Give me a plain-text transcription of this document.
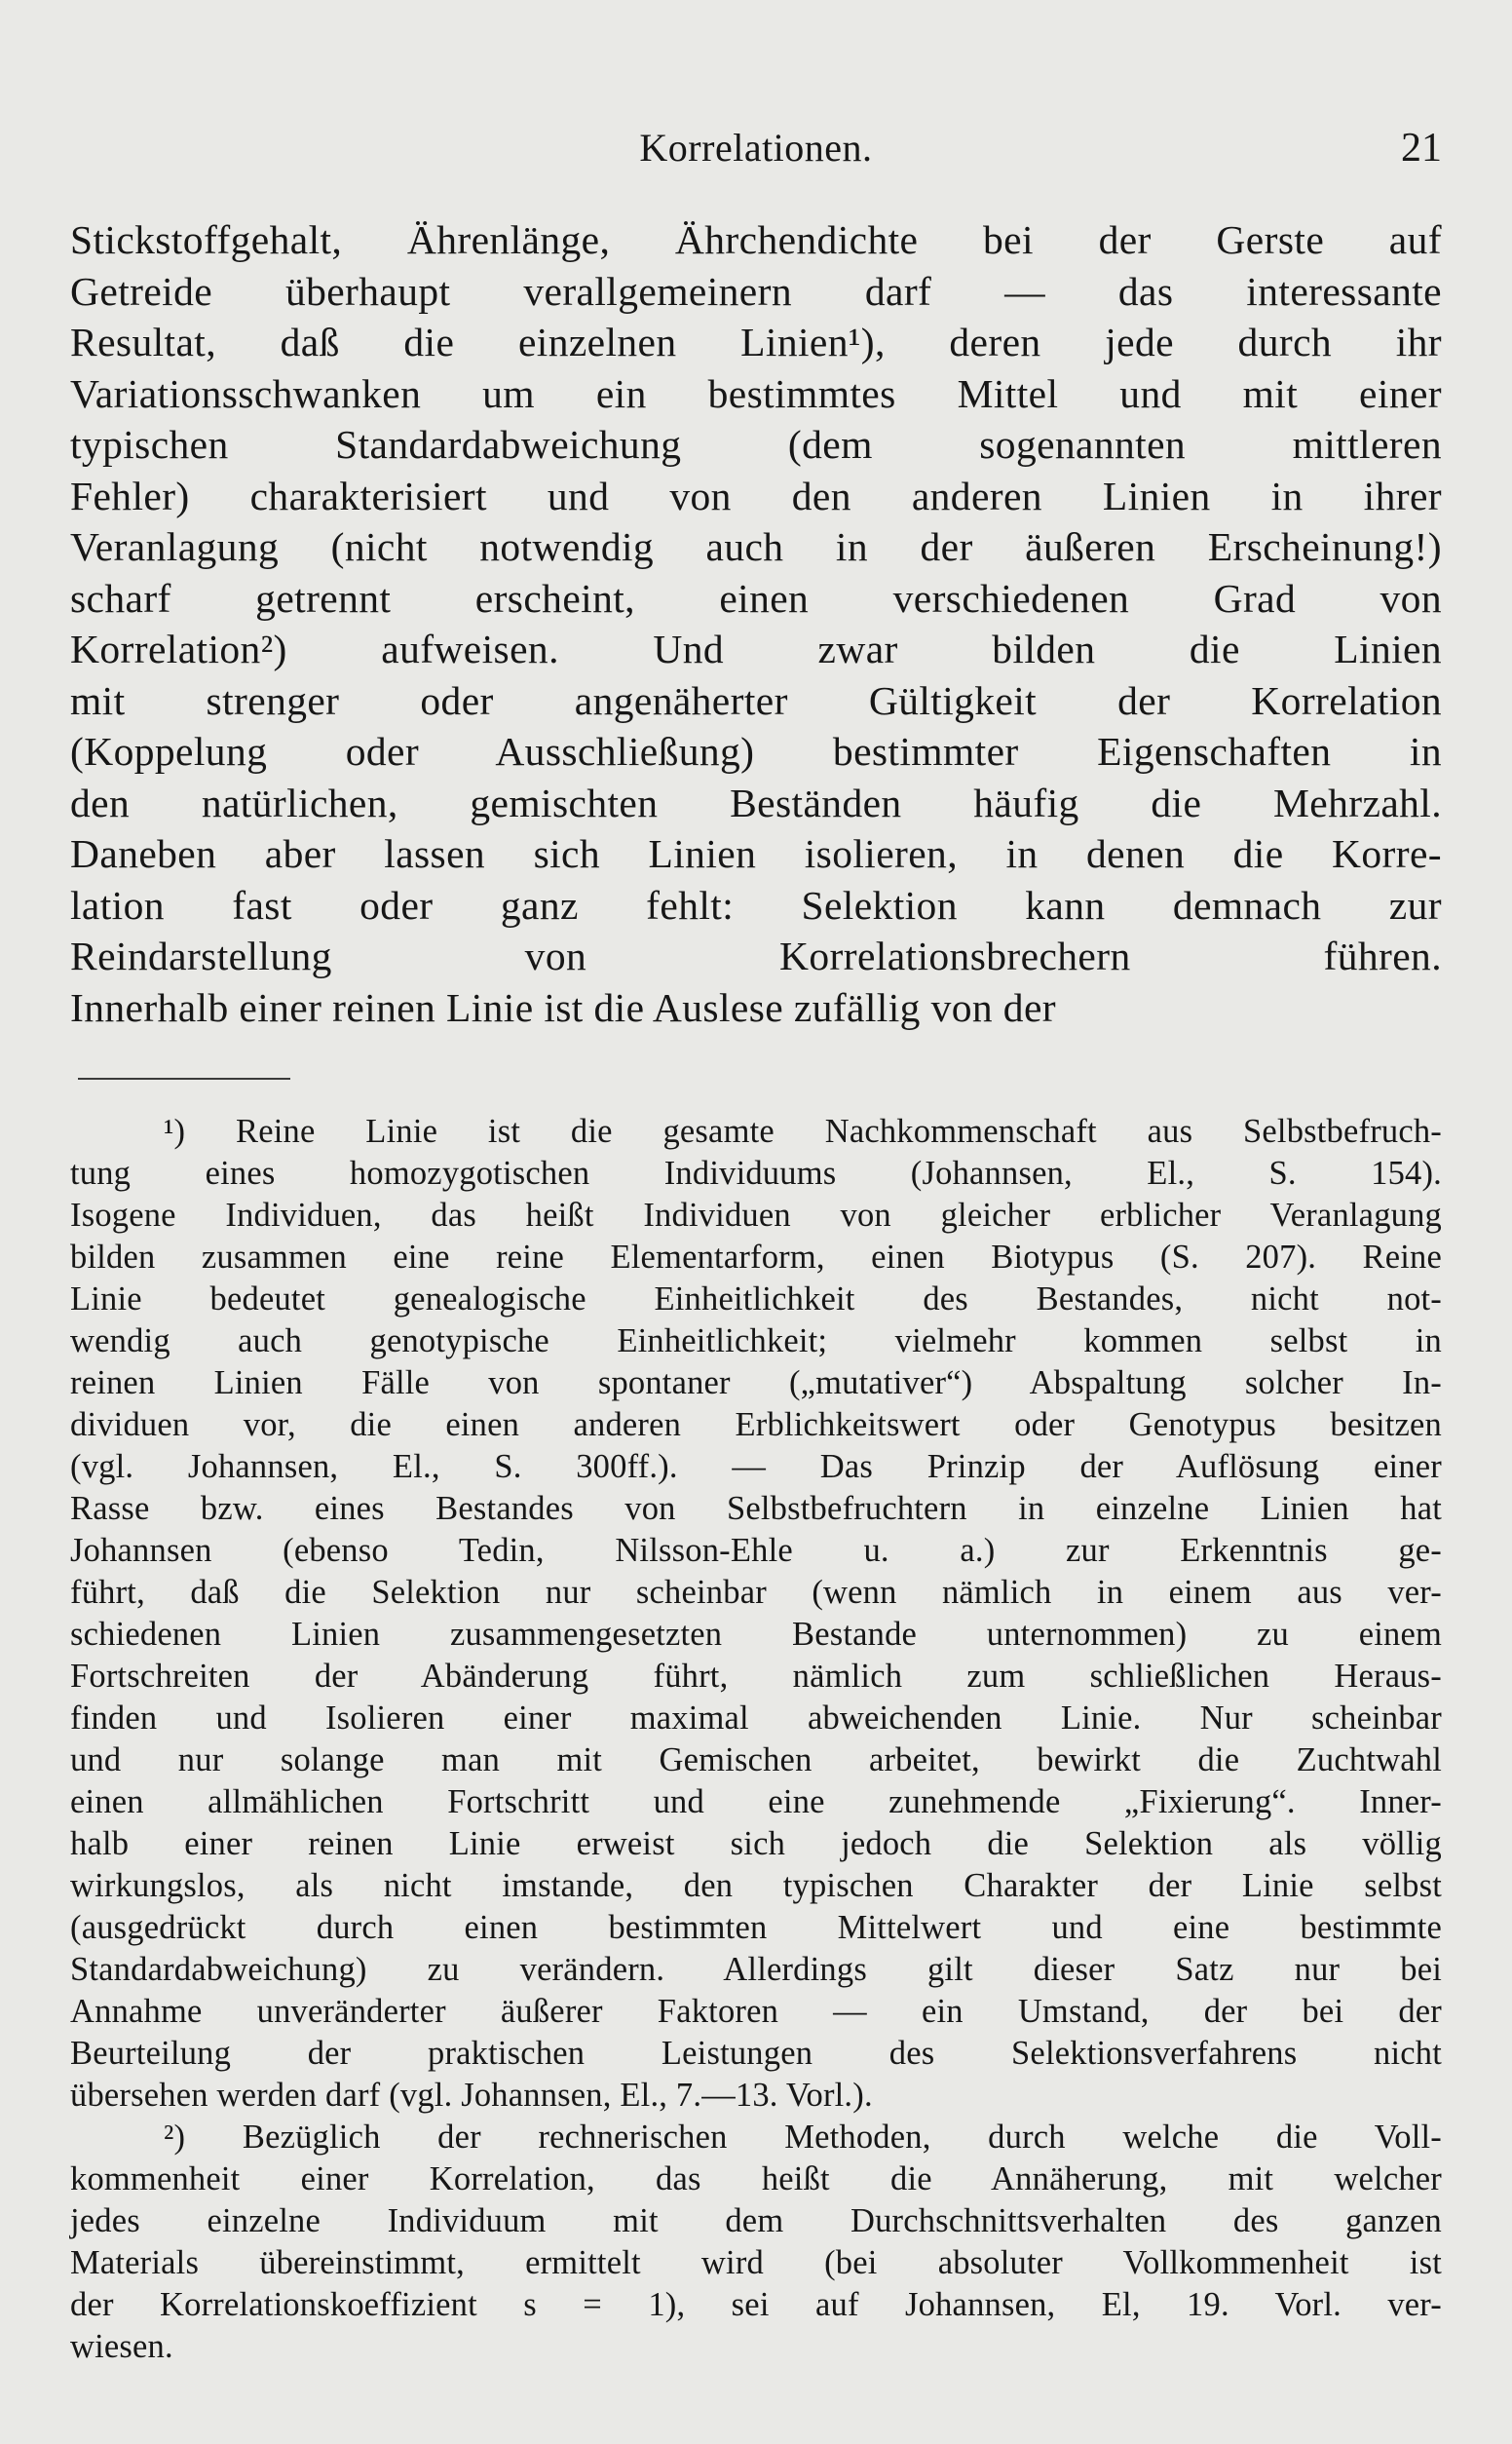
Korrelationen.	21
Stickstoffgehalt, Ährenlänge, Ährchendichte bei der Gerste auf
Getreide überhaupt verallgemeinern darf — das interessante
Resultat, daß die einzelnen Linien¹), deren jede durch ihr
Variationsschwanken um ein bestimmtes Mittel und mit einer
typischen Standardabweichung (dem sogenannten mittleren
Fehler) charakterisiert und von den anderen Linien in ihrer
Veranlagung (nicht notwendig auch in der äußeren Erscheinung!)
scharf getrennt erscheint, einen verschiedenen Grad von
Korrelation²) aufweisen. Und zwar bilden die Linien
mit strenger oder angenäherter Gültigkeit der Korrelation
(Koppelung oder Ausschließung) bestimmter Eigenschaften in
den natürlichen, gemischten Beständen häufig die Mehrzahl.
Daneben aber lassen sich Linien isolieren, in denen die Korre-
lation fast oder ganz fehlt: Selektion kann demnach zur
Reindarstellung von Korrelationsbrechern führen.
Innerhalb einer reinen Linie ist die Auslese zufällig von der
¹) Reine Linie ist die gesamte Nachkommenschaft aus Selbstbefruch-
tung eines homozygotischen Individuums (Johannsen, El., S. 154).
Isogene Individuen, das heißt Individuen von gleicher erblicher Veranlagung
bilden zusammen eine reine Elementarform, einen Biotypus (S. 207). Reine
Linie bedeutet genealogische Einheitlichkeit des Bestandes, nicht not-
wendig auch genotypische Einheitlichkeit; vielmehr kommen selbst in
reinen Linien Fälle von spontaner („mutativer“) Abspaltung solcher In-
dividuen vor, die einen anderen Erblichkeitswert oder Genotypus besitzen
(vgl. Johannsen, El., S. 300ff.). — Das Prinzip der Auflösung einer
Rasse bzw. eines Bestandes von Selbstbefruchtern in einzelne Linien hat
Johannsen (ebenso Tedin, Nilsson-Ehle u. a.) zur Erkenntnis ge-
führt, daß die Selektion nur scheinbar (wenn nämlich in einem aus ver-
schiedenen Linien zusammengesetzten Bestande unternommen) zu einem
Fortschreiten der Abänderung führt, nämlich zum schließlichen Heraus-
finden und Isolieren einer maximal abweichenden Linie. Nur scheinbar
und nur solange man mit Gemischen arbeitet, bewirkt die Zuchtwahl
einen allmählichen Fortschritt und eine zunehmende „Fixierung“. Inner-
halb einer reinen Linie erweist sich jedoch die Selektion als völlig
wirkungslos, als nicht imstande, den typischen Charakter der Linie selbst
(ausgedrückt durch einen bestimmten Mittelwert und eine bestimmte
Standardabweichung) zu verändern. Allerdings gilt dieser Satz nur bei
Annahme unveränderter äußerer Faktoren — ein Umstand, der bei der
Beurteilung der praktischen Leistungen des Selektionsverfahrens nicht
übersehen werden darf (vgl. Johannsen, El., 7.—13. Vorl.).
²) Bezüglich der rechnerischen Methoden, durch welche die Voll-
kommenheit einer Korrelation, das heißt die Annäherung, mit welcher
jedes einzelne Individuum mit dem Durchschnittsverhalten des ganzen
Materials übereinstimmt, ermittelt wird (bei absoluter Vollkommenheit ist
der Korrelationskoeffizient s = 1), sei auf Johannsen, El, 19. Vorl. ver-
wiesen.
